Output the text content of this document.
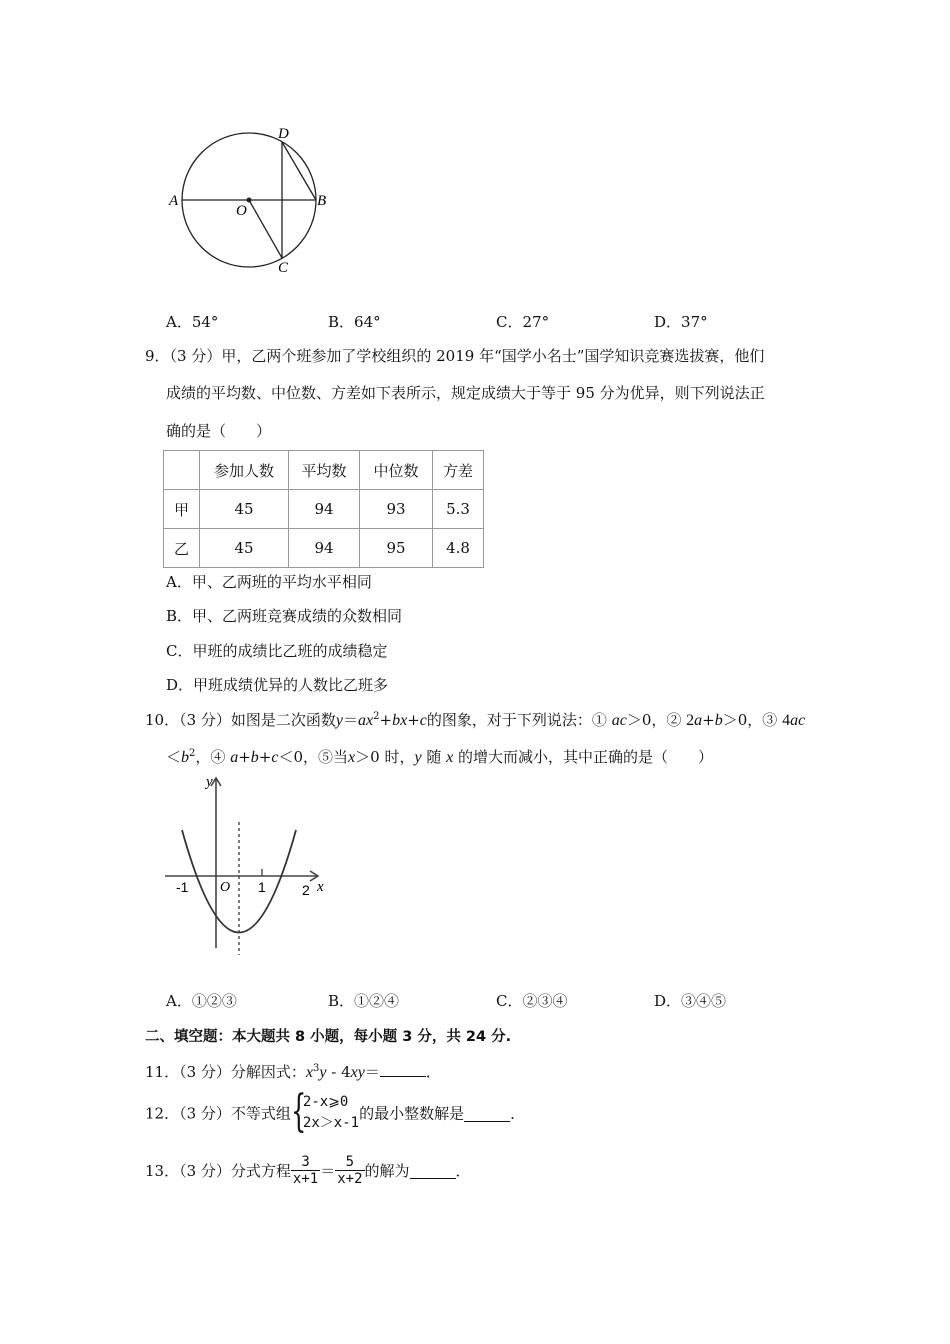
A	B
C
D
O
A．54°	B．64°	C．27°	D．37°
9．（3 分）甲，乙两个班参加了学校组织的 2019 年“国学小名士”国学知识竞赛选拔赛，他们
成绩的平均数、中位数、方差如下表所示，规定成绩大于等于 95 分为优异，则下列说法正
确的是（　　）
	参加人数	平均数	中位数	方差
甲	45	94	93	5.3
乙	45	94	95	4.8
A．甲、乙两班的平均水平相同
B．甲、乙两班竞赛成绩的众数相同
C．甲班的成绩比乙班的成绩稳定
D．甲班成绩优异的人数比乙班多
10．（3 分）如图是二次函数$y=ax^2+bx+c$的图象，对于下列说法：① ac＞0，② 2a+b＞0，③ 4ac
$<b^2$，④ a+b+c＜0，⑤当x＞0 时，y 随 x 的增大而减小，其中正确的是（　　）
y
x
O
-1	1	2
A．①②③	B．①②④	C．②③④	D．③④⑤
二、填空题：本大题共 8 小题，每小题 3 分，共 24 分.
11．（3 分）分解因式：$x^3y - 4xy=$	．
12．（3 分）不等式组 {
2-x⩾0
2x＞x-1
的最小整数解是	．
13．（3 分）分式方程 $\frac{3}{x+1} = \frac{5}{x+2}$ 的解为	．
